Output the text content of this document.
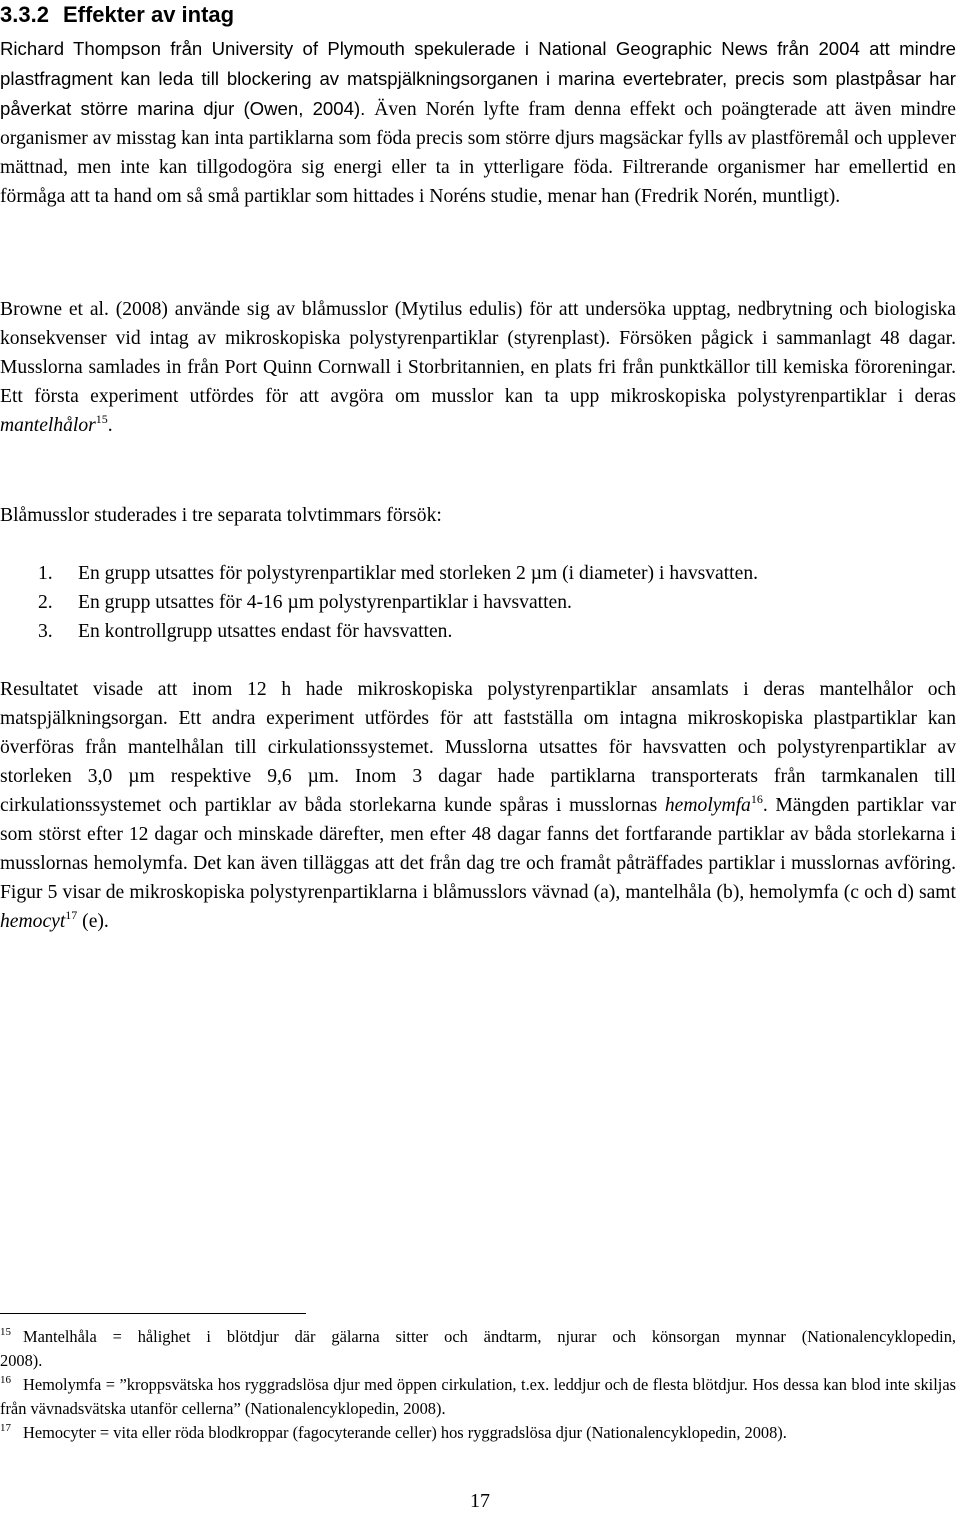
3.3.2 Effekter av intag

Richard Thompson från University of Plymouth spekulerade i National Geographic News från 2004 att mindre plastfragment kan leda till blockering av matspjälkningsorganen i marina evertebrater, precis som plastpåsar har påverkat större marina djur (Owen, 2004). Även Norén lyfte fram denna effekt och poängterade att även mindre organismer av misstag kan inta partiklarna som föda precis som större djurs magsäckar fylls av plastföremål och upplever mättnad, men inte kan tillgodogöra sig energi eller ta in ytterligare föda. Filtrerande organismer har emellertid en förmåga att ta hand om så små partiklar som hittades i Noréns studie, menar han (Fredrik Norén, muntligt).

Browne et al. (2008) använde sig av blåmusslor (Mytilus edulis) för att undersöka upptag, nedbrytning och biologiska konsekvenser vid intag av mikroskopiska polystyrenpartiklar (styrenplast). Försöken pågick i sammanlagt 48 dagar. Musslorna samlades in från Port Quinn Cornwall i Storbritannien, en plats fri från punktkällor till kemiska föroreningar. Ett första experiment utfördes för att avgöra om musslor kan ta upp mikroskopiska polystyrenpartiklar i deras mantelhålor$^{15}$.

Blåmusslor studerades i tre separata tolvtimmars försök:

1. En grupp utsattes för polystyrenpartiklar med storleken 2 µm (i diameter) i havsvatten.
2. En grupp utsattes för 4-16 µm polystyrenpartiklar i havsvatten.
3. En kontrollgrupp utsattes endast för havsvatten.

Resultatet visade att inom 12 h hade mikroskopiska polystyrenpartiklar ansamlats i deras mantelhålor och matspjälkningsorgan. Ett andra experiment utfördes för att fastställa om intagna mikroskopiska plastpartiklar kan överföras från mantelhålan till cirkulationssystemet. Musslorna utsattes för havsvatten och polystyrenpartiklar av storleken 3,0 µm respektive 9,6 µm. Inom 3 dagar hade partiklarna transporterats från tarmkanalen till cirkulationssystemet och partiklar av båda storlekarna kunde spåras i musslornas hemolymfa$^{16}$. Mängden partiklar var som störst efter 12 dagar och minskade därefter, men efter 48 dagar fanns det fortfarande partiklar av båda storlekarna i musslornas hemolymfa. Det kan även tilläggas att det från dag tre och framåt påträffades partiklar i musslornas avföring. Figur 5 visar de mikroskopiska polystyrenpartiklarna i blåmusslors vävnad (a), mantelhåla (b), hemolymfa (c och d) samt hemocyt$^{17}$ (e).

$^{15}$ Mantelhåla = hålighet i blötdjur där gälarna sitter och ändtarm, njurar och könsorgan mynnar (Nationalencyklopedin, 2008).

$^{16}$ Hemolymfa = ”kroppsvätska hos ryggradslösa djur med öppen cirkulation, t.ex. leddjur och de flesta blötdjur. Hos dessa kan blod inte skiljas från vävnadsvätska utanför cellerna” (Nationalencyklopedin, 2008).

$^{17}$ Hemocyter = vita eller röda blodkroppar (fagocyterande celler) hos ryggradslösa djur (Nationalencyklopedin, 2008).

17
